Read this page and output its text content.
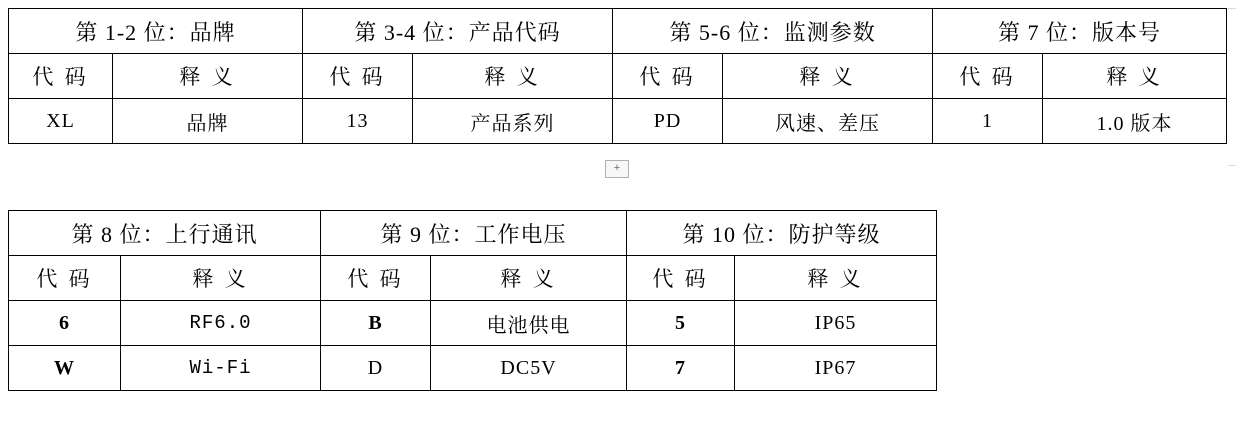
第 1-2 位：品牌		第 3-4 位：产品代码		第 5-6 位：监测参数		第 7 位：版本号	
代 码	释 义	代 码	释 义	代 码	释 义	代 码	释 义
XL	品牌	13	产品系列	PD	风速、差压	1	1.0 版本
+
第 8 位：上行通讯		第 9 位：工作电压		第 10 位：防护等级	
代 码	释 义	代 码	释 义	代 码	释 义
6	RF6.0	B	电池供电	5	IP65
W	Wi-Fi	D	DC5V	7	IP67
